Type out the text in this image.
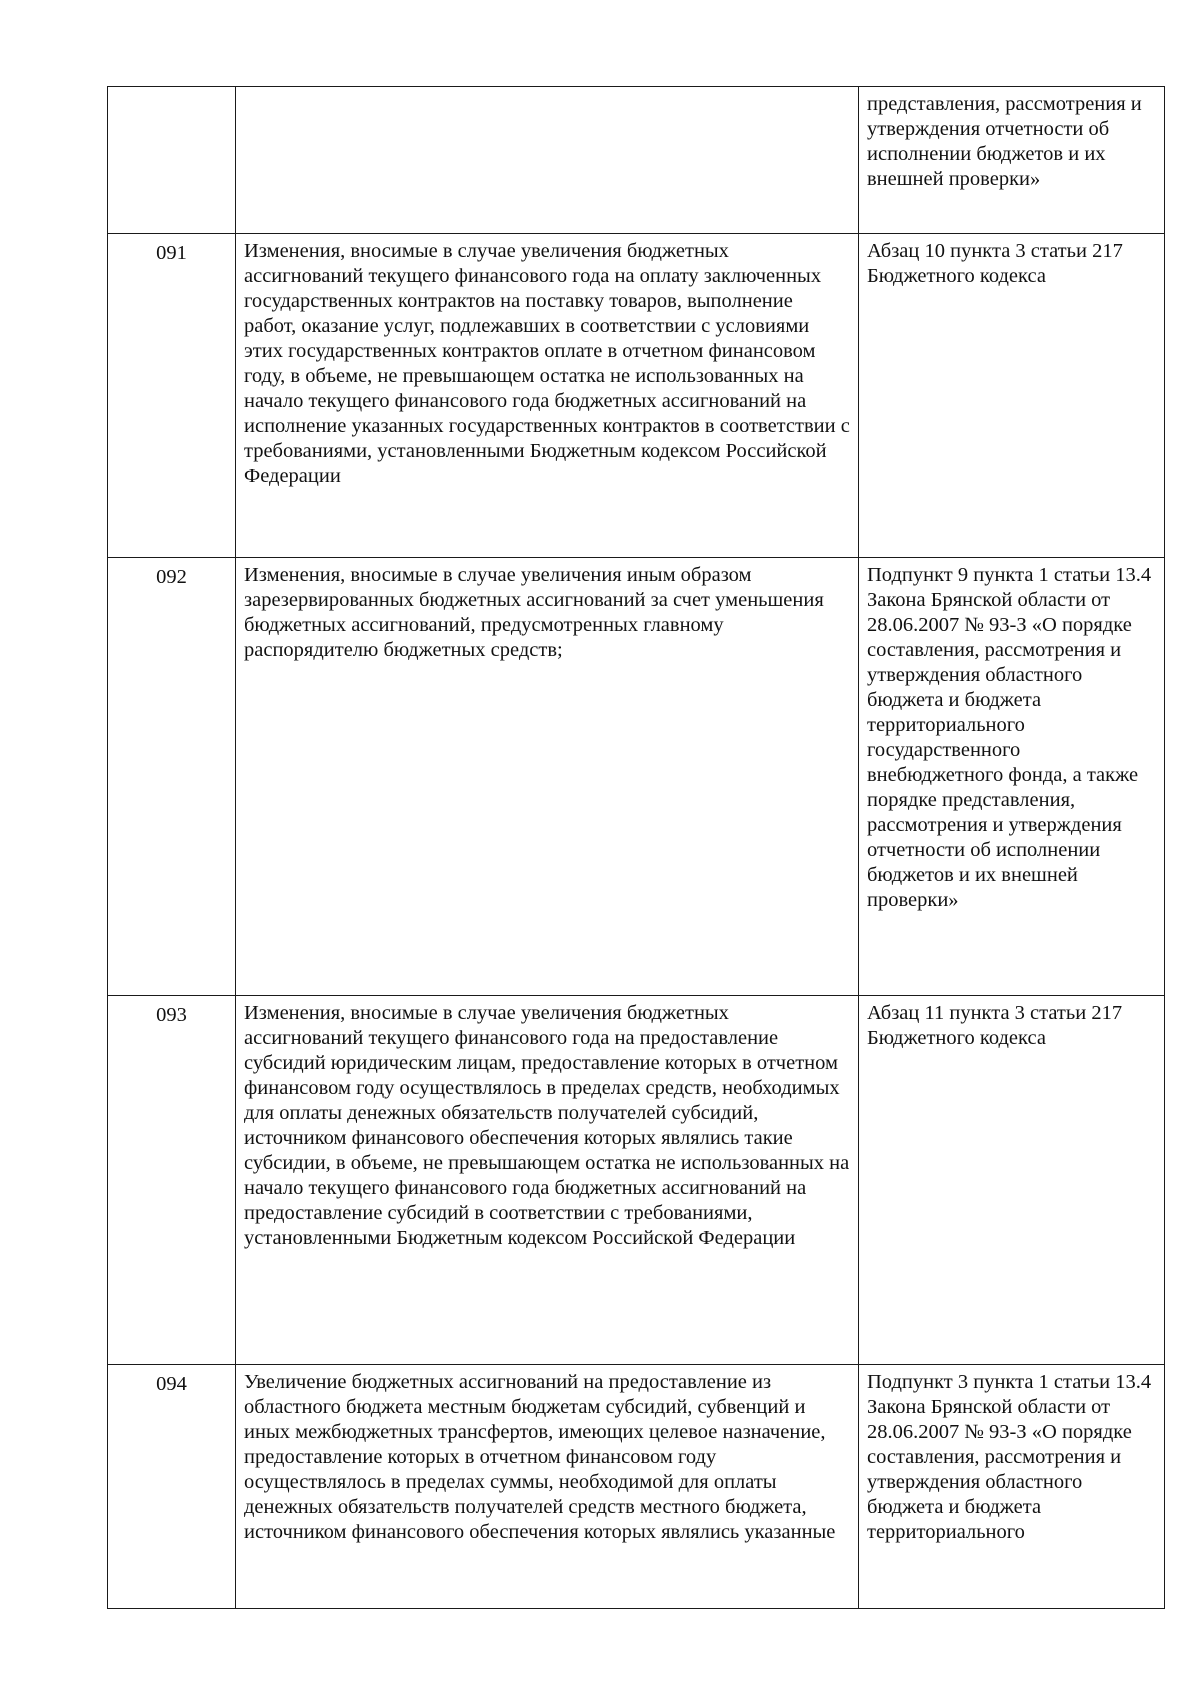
		представления, рассмотрения и утверждения отчетности об исполнении бюджетов и их внешней проверки»
091	Изменения, вносимые в случае увеличения бюджетных ассигнований текущего финансового года на оплату заключенных государственных контрактов на поставку товаров, выполнение работ, оказание услуг, подлежавших в соответствии с условиями этих государственных контрактов оплате в отчетном финансовом году, в объеме, не превышающем остатка не использованных на начало текущего финансового года бюджетных ассигнований на исполнение указанных государственных контрактов в соответствии с требованиями, установленными Бюджетным кодексом Российской Федерации	Абзац 10 пункта 3 статьи 217 Бюджетного кодекса
092	Изменения, вносимые в случае увеличения иным образом зарезервированных бюджетных ассигнований за счет уменьшения бюджетных ассигнований, предусмотренных главному распорядителю бюджетных средств;	Подпункт 9 пункта 1 статьи 13.4 Закона Брянской области от 28.06.2007 № 93-З «О порядке составления, рассмотрения и утверждения областного бюджета и бюджета территориального государственного внебюджетного фонда, а также порядке представления, рассмотрения и утверждения отчетности об исполнении бюджетов и их внешней проверки»
093	Изменения, вносимые в случае увеличения бюджетных ассигнований текущего финансового года на предоставление субсидий юридическим лицам, предоставление которых в отчетном финансовом году осуществлялось в пределах средств, необходимых для оплаты денежных обязательств получателей субсидий, источником финансового обеспечения которых являлись такие субсидии, в объеме, не превышающем остатка не использованных на начало текущего финансового года бюджетных ассигнований на предоставление субсидий в соответствии с требованиями, установленными Бюджетным кодексом Российской Федерации	Абзац 11 пункта 3 статьи 217 Бюджетного кодекса
094	Увеличение бюджетных ассигнований на предоставление из областного бюджета местным бюджетам субсидий, субвенций и иных межбюджетных трансфертов, имеющих целевое назначение, предоставление которых в отчетном финансовом году осуществлялось в пределах суммы, необходимой для оплаты денежных обязательств получателей средств местного бюджета, источником финансового обеспечения которых являлись указанные	Подпункт 3 пункта 1 статьи 13.4 Закона Брянской области от 28.06.2007 № 93-З «О порядке составления, рассмотрения и утверждения областного бюджета и бюджета территориального
